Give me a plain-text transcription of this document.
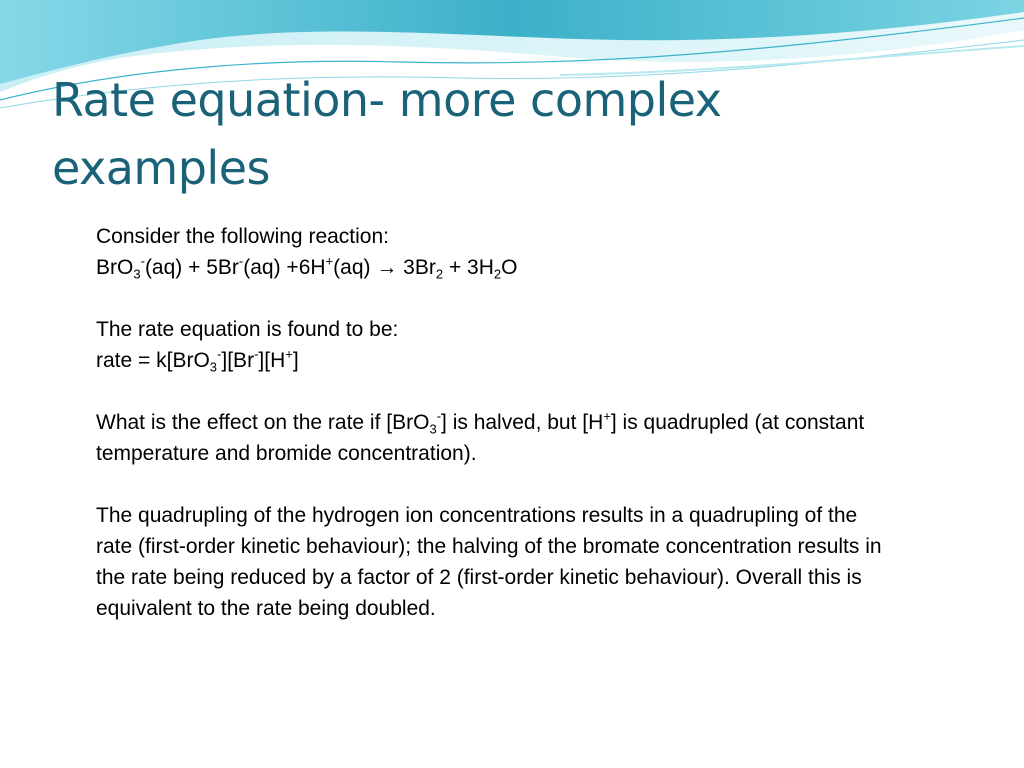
Rate equation- more complex examples

Consider the following reaction:

$BrO_3^-(aq) + 5Br^-(aq) +6H^+(aq) \to 3Br_2 + 3H_2O$

The rate equation is found to be:

rate = k[BrO$_3$-][Br-][H+]

What is the effect on the rate if [BrO$_3$-] is halved, but [H+] is quadrupled (at constant temperature and bromide concentration).

The quadrupling of the hydrogen ion concentrations results in a quadrupling of the rate (first-order kinetic behaviour); the halving of the bromate concentration results in the rate being reduced by a factor of 2 (first-order kinetic behaviour). Overall this is equivalent to the rate being doubled.
